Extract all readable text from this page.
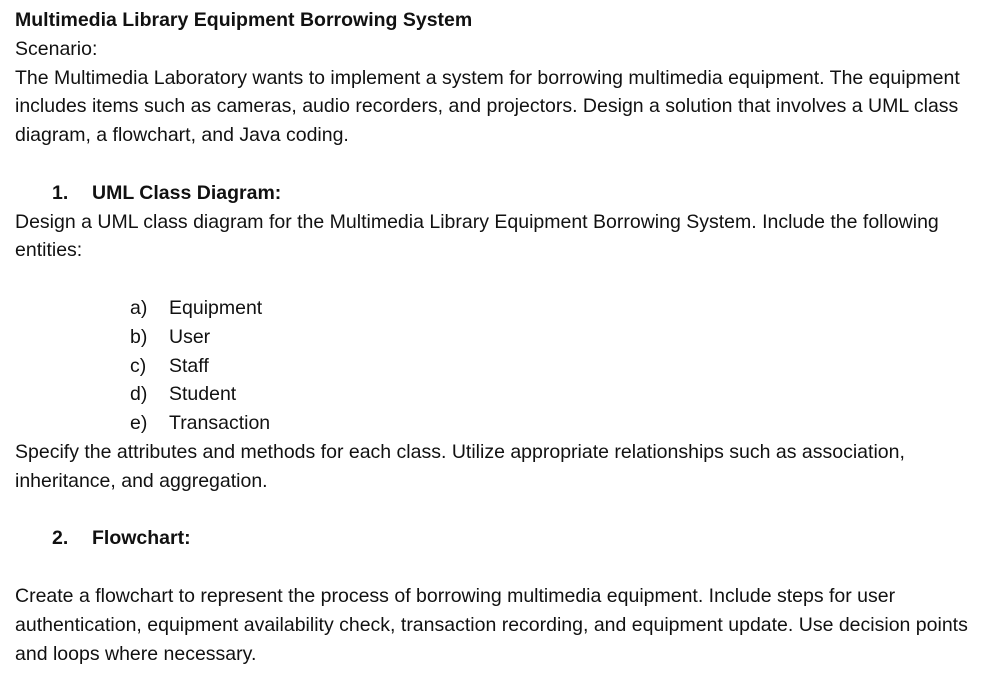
Multimedia Library Equipment Borrowing System

Scenario:

The Multimedia Laboratory wants to implement a system for borrowing multimedia equipment. The equipment includes items such as cameras, audio recorders, and projectors. Design a solution that involves a UML class diagram, a flowchart, and Java coding.

1.	UML Class Diagram:

Design a UML class diagram for the Multimedia Library Equipment Borrowing System. Include the following entities:

a)	Equipment
b)	User
c)	Staff
d)	Student
e)	Transaction

Specify the attributes and methods for each class. Utilize appropriate relationships such as association, inheritance, and aggregation.

2.	Flowchart:

Create a flowchart to represent the process of borrowing multimedia equipment. Include steps for user authentication, equipment availability check, transaction recording, and equipment update. Use decision points and loops where necessary.
